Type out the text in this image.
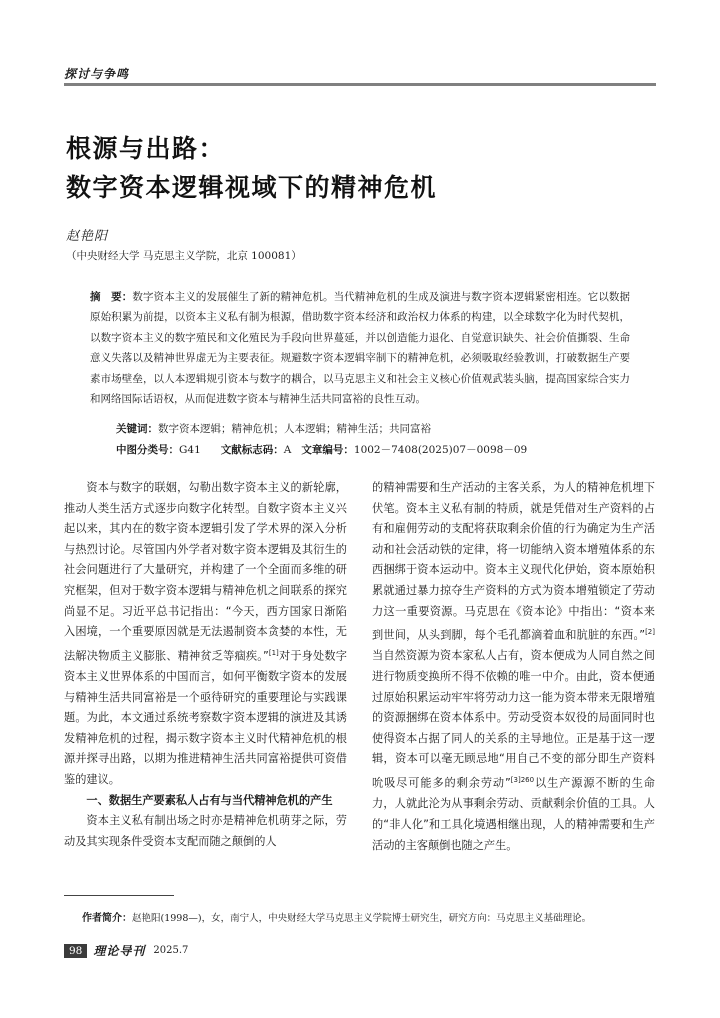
探讨与争鸣
根源与出路：
数字资本逻辑视域下的精神危机
赵艳阳
（中央财经大学 马克思主义学院，北京 100081）
摘　要：数字资本主义的发展催生了新的精神危机。当代精神危机的生成及演进与数字资本逻辑紧密相连。它以数据原始积累为前提，以资本主义私有制为根源，借助数字资本经济和政治权力体系的构建，以全球数字化为时代契机，以数字资本主义的数字殖民和文化殖民为手段向世界蔓延，并以创造能力退化、自觉意识缺失、社会价值撕裂、生命意义失落以及精神世界虚无为主要表征。规避数字资本逻辑宰制下的精神危机，必须吸取经验教训，打破数据生产要素市场壁垒，以人本逻辑规引资本与数字的耦合，以马克思主义和社会主义核心价值观武装头脑，提高国家综合实力和网络国际话语权，从而促进数字资本与精神生活共同富裕的良性互动。
关键词：数字资本逻辑；精神危机；人本逻辑；精神生活；共同富裕
中图分类号：G41 文献标志码：A 文章编号：1002－7408(2025)07－0098－09

资本与数字的联姻，勾勒出数字资本主义的新轮廓，推动人类生活方式逐步向数字化转型。自数字资本主义兴起以来，其内在的数字资本逻辑引发了学术界的深入分析与热烈讨论。尽管国内外学者对数字资本逻辑及其衍生的社会问题进行了大量研究，并构建了一个全面而多维的研究框架，但对于数字资本逻辑与精神危机之间联系的探究尚显不足。习近平总书记指出：“今天，西方国家日渐陷入困境，一个重要原因就是无法遏制资本贪婪的本性，无法解决物质主义膨胀、精神贫乏等痼疾。”[1]对于身处数字资本主义世界体系的中国而言，如何平衡数字资本的发展与精神生活共同富裕是一个亟待研究的重要理论与实践课题。为此，本文通过系统考察数字资本逻辑的演进及其诱发精神危机的过程，揭示数字资本主义时代精神危机的根源并探寻出路，以期为推进精神生活共同富裕提供可资借鉴的建议。

一、数据生产要素私人占有与当代精神危机的产生

资本主义私有制出场之时亦是精神危机萌芽之际，劳动及其实现条件受资本支配而随之颠倒的人

的精神需要和生产活动的主客关系，为人的精神危机埋下伏笔。资本主义私有制的特质，就是凭借对生产资料的占有和雇佣劳动的支配将获取剩余价值的行为确定为生产活动和社会活动铁的定律，将一切能纳入资本增殖体系的东西捆绑于资本运动中。资本主义现代化伊始，资本原始积累就通过暴力掠夺生产资料的方式为资本增殖锁定了劳动力这一重要资源。马克思在《资本论》中指出：“资本来到世间，从头到脚，每个毛孔都滴着血和肮脏的东西。”[2]当自然资源为资本家私人占有，资本便成为人同自然之间进行物质变换所不得不依赖的唯一中介。由此，资本便通过原始积累运动牢牢将劳动力这一能为资本带来无限增殖的资源捆绑在资本体系中。劳动受资本奴役的局面同时也使得资本占据了同人的关系的主导地位。正是基于这一逻辑，资本可以毫无顾忌地“用自己不变的部分即生产资料吮吸尽可能多的剩余劳动”$^{[3]260}$以生产源源不断的生命力，人就此沦为从事剩余劳动、贡献剩余价值的工具。人的“非人化”和工具化境遇相继出现，人的精神需要和生产活动的主客颠倒也随之产生。

作者简介：赵艳阳(1998—)，女，南宁人，中央财经大学马克思主义学院博士研究生，研究方向：马克思主义基础理论。
98 理论导刊 2025.7
